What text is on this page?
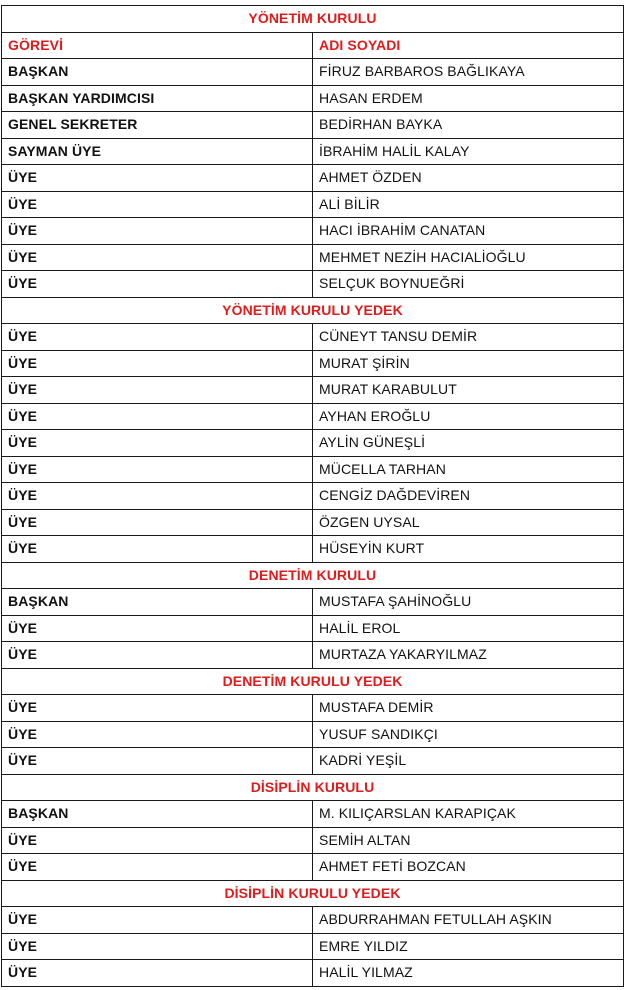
YÖNETİM KURULU	
GÖREVİ	ADI SOYADI
BAŞKAN	FİRUZ BARBAROS BAĞLIKAYA
BAŞKAN YARDIMCISI	HASAN ERDEM
GENEL SEKRETER	BEDİRHAN BAYKA
SAYMAN ÜYE	İBRAHİM HALİL KALAY
ÜYE	AHMET ÖZDEN
ÜYE	ALİ BİLİR
ÜYE	HACI İBRAHİM CANATAN
ÜYE	MEHMET NEZİH HACIALİOĞLU
ÜYE	SELÇUK BOYNUEĞRİ
YÖNETİM KURULU YEDEK	
ÜYE	CÜNEYT TANSU DEMİR
ÜYE	MURAT ŞİRİN
ÜYE	MURAT KARABULUT
ÜYE	AYHAN EROĞLU
ÜYE	AYLİN GÜNEŞLİ
ÜYE	MÜCELLA TARHAN
ÜYE	CENGİZ DAĞDEVİREN
ÜYE	ÖZGEN UYSAL
ÜYE	HÜSEYİN KURT
DENETİM KURULU	
BAŞKAN	MUSTAFA ŞAHİNOĞLU
ÜYE	HALİL EROL
ÜYE	MURTAZA YAKARYILMAZ
DENETİM KURULU YEDEK	
ÜYE	MUSTAFA DEMİR
ÜYE	YUSUF SANDIKÇI
ÜYE	KADRİ YEŞİL
DİSİPLİN KURULU	
BAŞKAN	M. KILIÇARSLAN KARAPIÇAK
ÜYE	SEMİH ALTAN
ÜYE	AHMET FETİ BOZCAN
DİSİPLİN KURULU YEDEK	
ÜYE	ABDURRAHMAN FETULLAH AŞKIN
ÜYE	EMRE YILDIZ
ÜYE	HALİL YILMAZ
